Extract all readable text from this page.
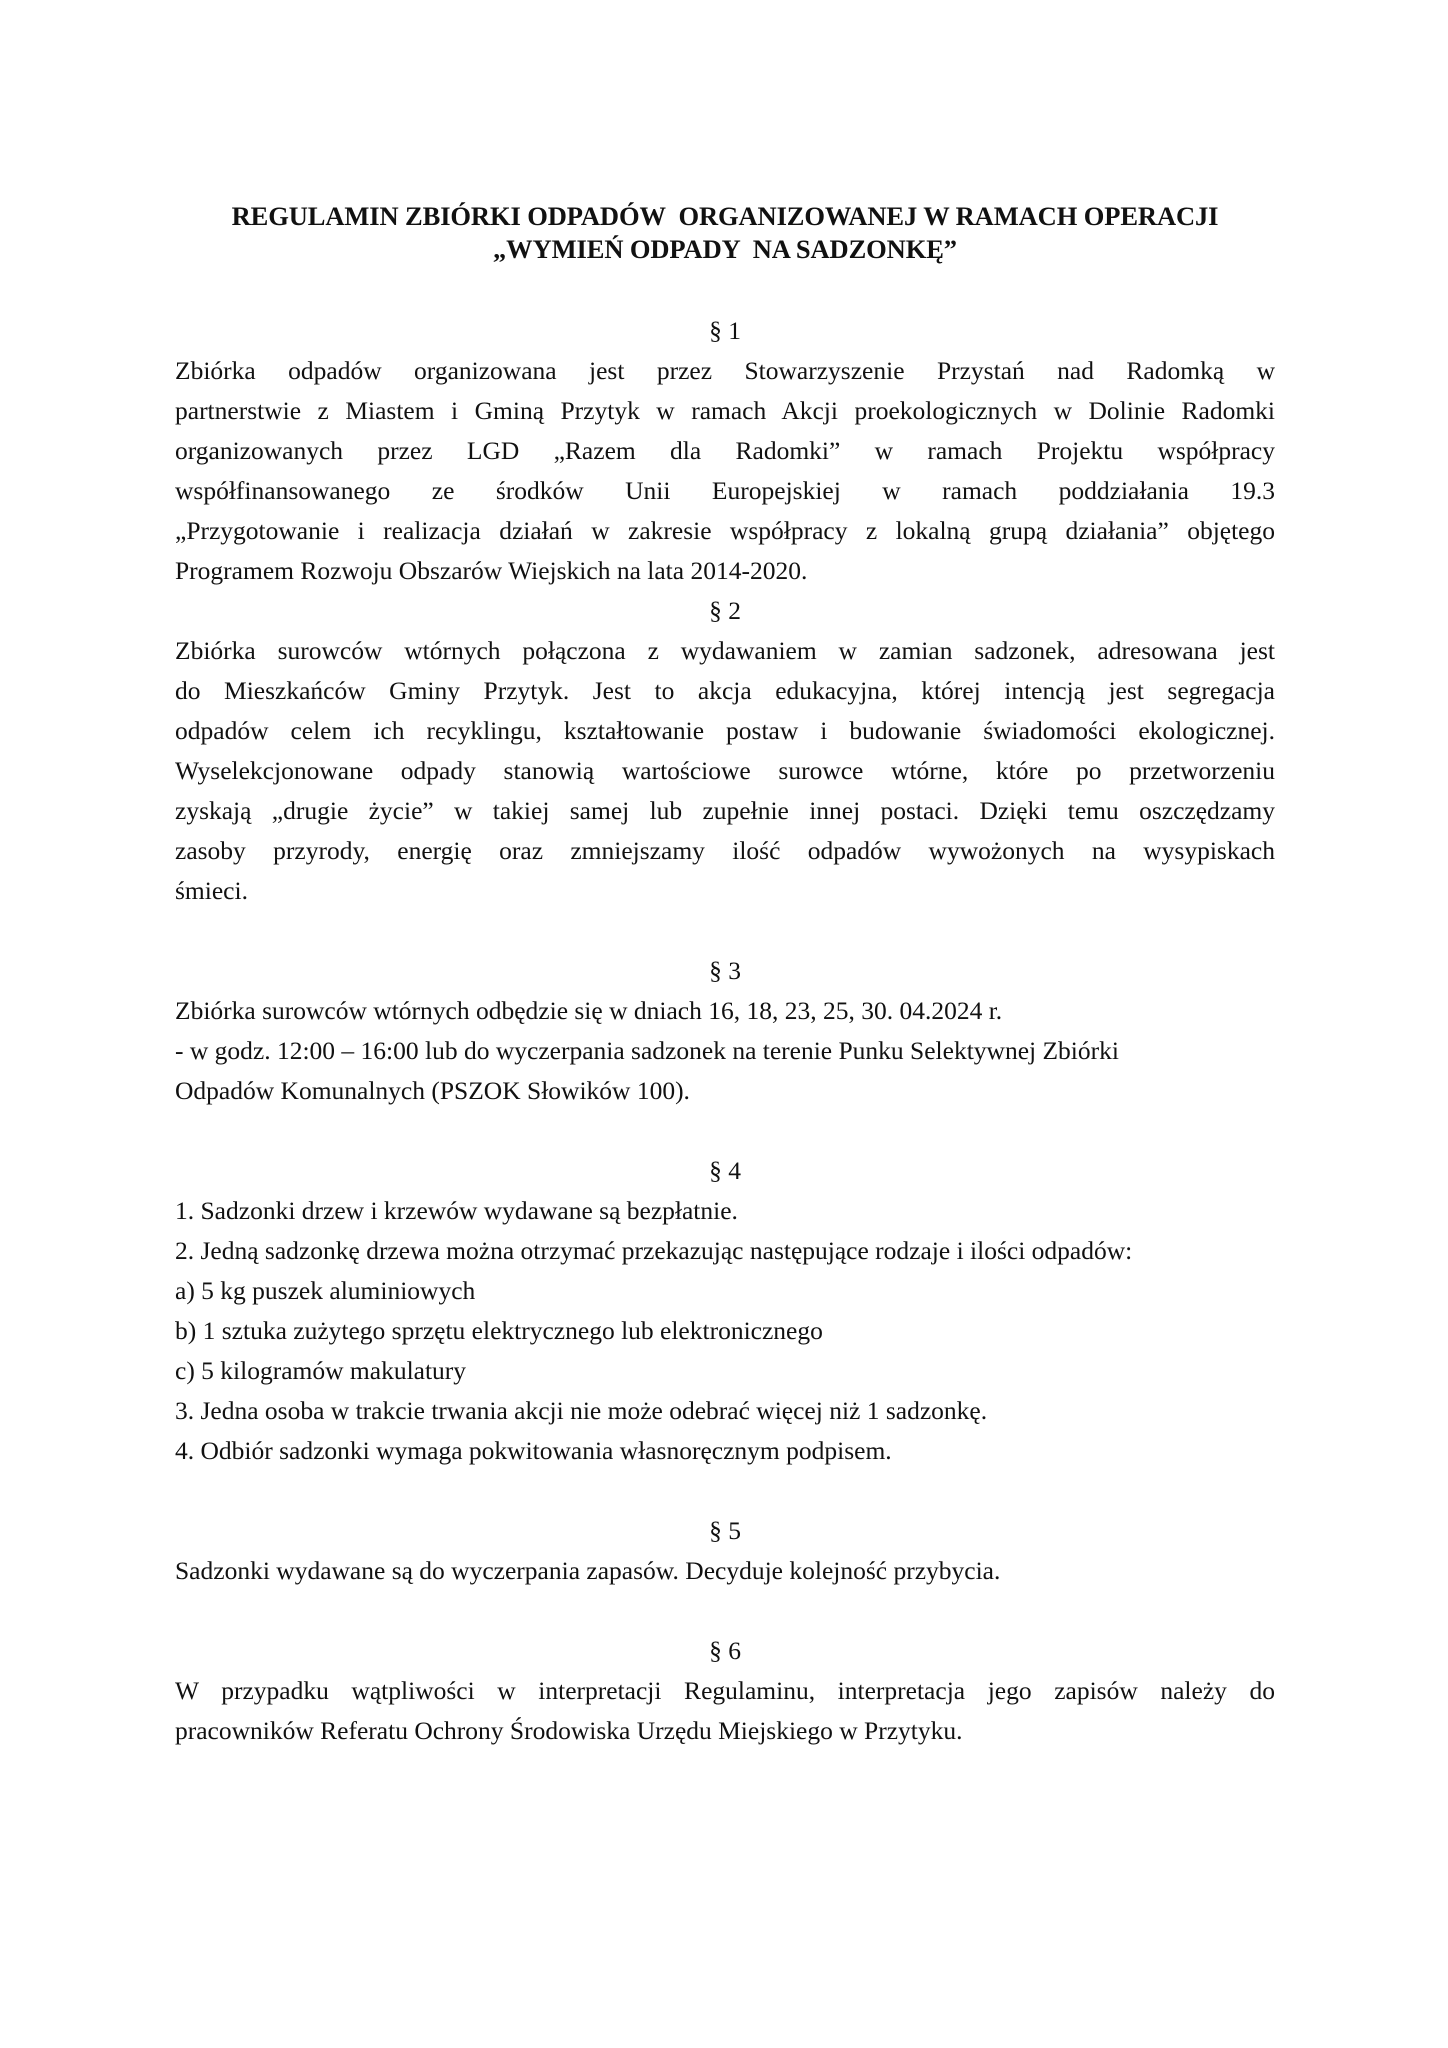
REGULAMIN ZBIÓRKI ODPADÓW  ORGANIZOWANEJ W RAMACH OPERACJI
„WYMIEŃ ODPADY  NA SADZONKĘ”

§ 1

Zbiórka odpadów organizowana jest przez Stowarzyszenie Przystań nad Radomką w
partnerstwie z Miastem i Gminą Przytyk w ramach Akcji proekologicznych w Dolinie Radomki
organizowanych przez LGD „Razem dla Radomki” w ramach Projektu współpracy
współfinansowanego ze środków Unii Europejskiej w ramach poddziałania 19.3
„Przygotowanie i realizacja działań w zakresie współpracy z lokalną grupą działania” objętego
Programem Rozwoju Obszarów Wiejskich na lata 2014-2020.

§ 2

Zbiórka surowców wtórnych połączona z wydawaniem w zamian sadzonek, adresowana jest
do Mieszkańców Gminy Przytyk. Jest to akcja edukacyjna, której intencją jest segregacja
odpadów celem ich recyklingu, kształtowanie postaw i budowanie świadomości ekologicznej.
Wyselekcjonowane odpady stanowią wartościowe surowce wtórne, które po przetworzeniu
zyskają „drugie życie” w takiej samej lub zupełnie innej postaci. Dzięki temu oszczędzamy
zasoby przyrody, energię oraz zmniejszamy ilość odpadów wywożonych na wysypiskach
śmieci.

§ 3

Zbiórka surowców wtórnych odbędzie się w dniach 16, 18, 23, 25, 30. 04.2024 r.
- w godz. 12:00 – 16:00 lub do wyczerpania sadzonek na terenie Punku Selektywnej Zbiórki
Odpadów Komunalnych (PSZOK Słowików 100).

§ 4

1. Sadzonki drzew i krzewów wydawane są bezpłatnie.
2. Jedną sadzonkę drzewa można otrzymać przekazując następujące rodzaje i ilości odpadów:
a) 5 kg puszek aluminiowych
b) 1 sztuka zużytego sprzętu elektrycznego lub elektronicznego
c) 5 kilogramów makulatury
3. Jedna osoba w trakcie trwania akcji nie może odebrać więcej niż 1 sadzonkę.
4. Odbiór sadzonki wymaga pokwitowania własnoręcznym podpisem.

§ 5

Sadzonki wydawane są do wyczerpania zapasów. Decyduje kolejność przybycia.

§ 6

W przypadku wątpliwości w interpretacji Regulaminu, interpretacja jego zapisów należy do
pracowników Referatu Ochrony Środowiska Urzędu Miejskiego w Przytyku.
